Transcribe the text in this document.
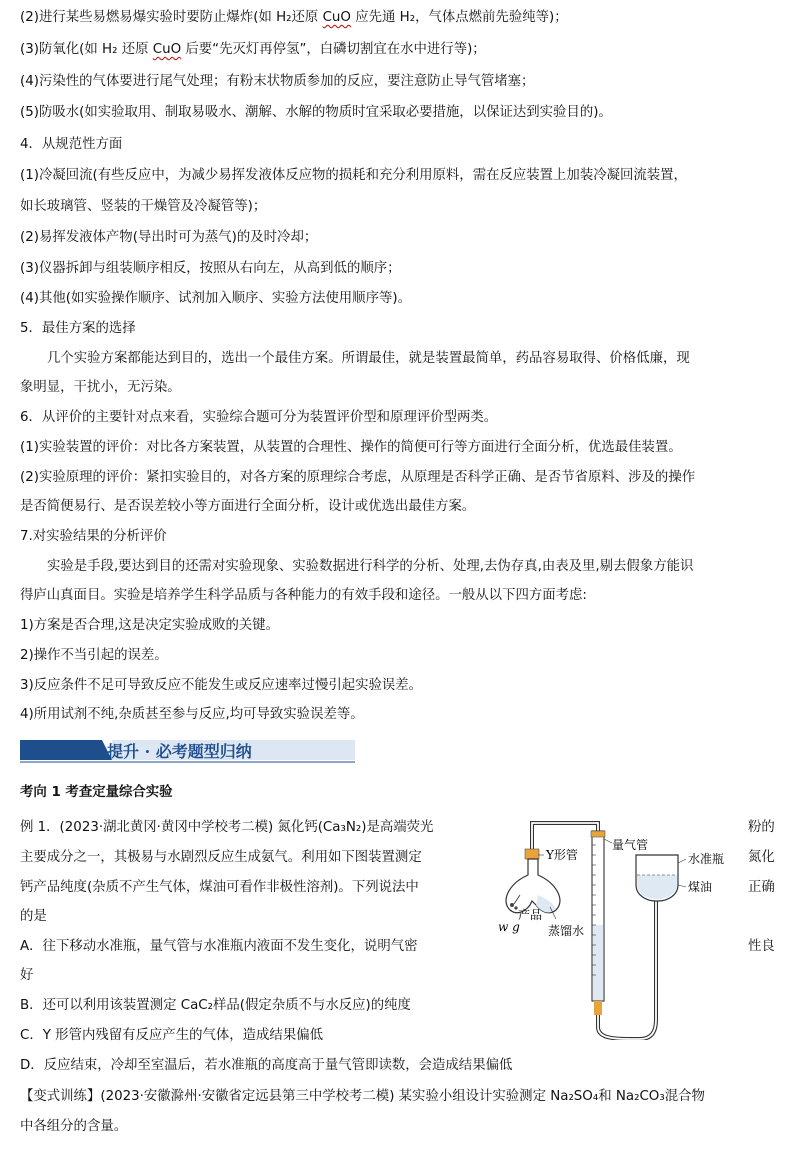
(2)进行某些易燃易爆实验时要防止爆炸(如 H₂还原 CuO 应先通 H₂，气体点燃前先验纯等)；
(3)防氧化(如 H₂ 还原 CuO 后要“先灭灯再停氢”，白磷切割宜在水中进行等)；
(4)污染性的气体要进行尾气处理；有粉末状物质参加的反应，要注意防止导气管堵塞；
(5)防吸水(如实验取用、制取易吸水、潮解、水解的物质时宜采取必要措施，以保证达到实验目的)。
4．从规范性方面
(1)冷凝回流(有些反应中，为减少易挥发液体反应物的损耗和充分利用原料，需在反应装置上加装冷凝回流装置，
如长玻璃管、竖装的干燥管及冷凝管等)；
(2)易挥发液体产物(导出时可为蒸气)的及时冷却；
(3)仪器拆卸与组装顺序相反，按照从右向左，从高到低的顺序；
(4)其他(如实验操作顺序、试剂加入顺序、实验方法使用顺序等)。
5．最佳方案的选择
几个实验方案都能达到目的，选出一个最佳方案。所谓最佳，就是装置最简单，药品容易取得、价格低廉，现
象明显，干扰小，无污染。
6．从评价的主要针对点来看，实验综合题可分为装置评价型和原理评价型两类。
(1)实验装置的评价：对比各方案装置，从装置的合理性、操作的简便可行等方面进行全面分析，优选最佳装置。
(2)实验原理的评价：紧扣实验目的，对各方案的原理综合考虑，从原理是否科学正确、是否节省原料、涉及的操作
是否简便易行、是否误差较小等方面进行全面分析，设计或优选出最佳方案。
7.对实验结果的分析评价
实验是手段,要达到目的还需对实验现象、实验数据进行科学的分析、处理,去伪存真,由表及里,剔去假象方能识
得庐山真面目。实验是培养学生科学品质与各种能力的有效手段和途径。一般从以下四方面考虑:
1)方案是否合理,这是决定实验成败的关键。
2)操作不当引起的误差。
3)反应条件不足可导致反应不能发生或反应速率过慢引起实验误差。
4)所用试剂不纯,杂质甚至参与反应,均可导致实验误差等。
提升 · 必考题型归纳
考向 1 考查定量综合实验
例 1．(2023·湖北黄冈·黄冈中学校考二模) 氮化钙(Ca₃N₂)是高端荧光	粉的
主要成分之一，其极易与水剧烈反应生成氨气。利用如下图装置测定	氮化
钙产品纯度(杂质不产生气体，煤油可看作非极性溶剂)。下列说法中	正确
的是
A．往下移动水准瓶，量气管与水准瓶内液面不发生变化，说明气密	性良
好
B．还可以利用该装置测定 CaC₂样品(假定杂质不与水反应)的纯度
C．Y 形管内残留有反应产生的气体，造成结果偏低
D．反应结束，冷却至室温后，若水准瓶的高度高于量气管即读数，会造成结果偏低
【变式训练】(2023·安徽滁州·安徽省定远县第三中学校考二模) 某实验小组设计实验测定 Na₂SO₄和 Na₂CO₃混合物
中各组分的含量。
Y形管
量气管
水准瓶
煤油
产品
蒸馏水
w g
